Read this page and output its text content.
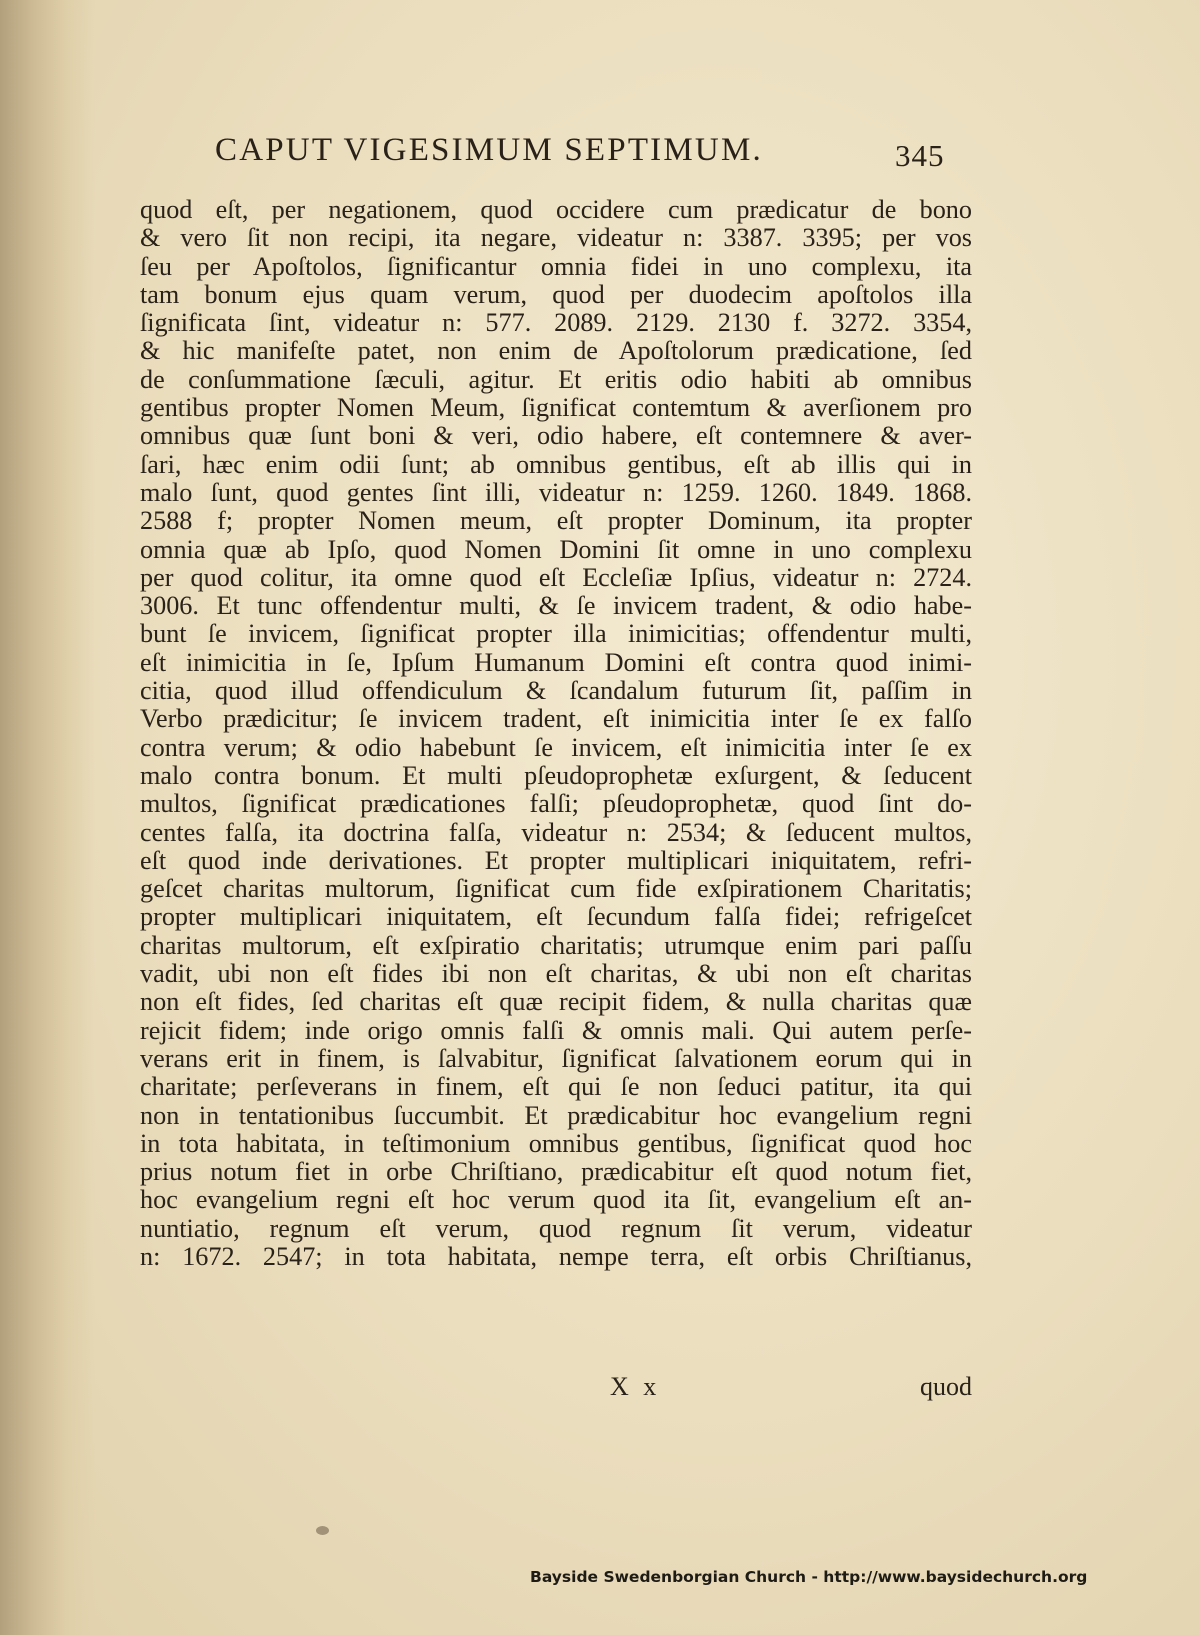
CAPUT VIGESIMUM SEPTIMUM.	345
quod eſt, per negationem, quod occidere cum prædicatur de bono
& vero ſit non recipi, ita negare, videatur n: 3387. 3395; per vos
ſeu per Apoſtolos, ſignificantur omnia fidei in uno complexu, ita
tam bonum ejus quam verum, quod per duodecim apoſtolos illa
ſignificata ſint, videatur n: 577. 2089. 2129. 2130 f. 3272. 3354,
& hic manifeſte patet, non enim de Apoſtolorum prædicatione, ſed
de conſummatione ſæculi, agitur. Et eritis odio habiti ab omnibus
gentibus propter Nomen Meum, ſignificat contemtum & averſionem pro
omnibus quæ ſunt boni & veri, odio habere, eſt contemnere & aver-
ſari, hæc enim odii ſunt; ab omnibus gentibus, eſt ab illis qui in
malo ſunt, quod gentes ſint illi, videatur n: 1259. 1260. 1849. 1868.
2588 f; propter Nomen meum, eſt propter Dominum, ita propter
omnia quæ ab Ipſo, quod Nomen Domini ſit omne in uno complexu
per quod colitur, ita omne quod eſt Eccleſiæ Ipſius, videatur n: 2724.
3006. Et tunc offendentur multi, & ſe invicem tradent, & odio habe-
bunt ſe invicem, ſignificat propter illa inimicitias; offendentur multi,
eſt inimicitia in ſe, Ipſum Humanum Domini eſt contra quod inimi-
citia, quod illud offendiculum & ſcandalum futurum ſit, paſſim in
Verbo prædicitur; ſe invicem tradent, eſt inimicitia inter ſe ex falſo
contra verum; & odio habebunt ſe invicem, eſt inimicitia inter ſe ex
malo contra bonum. Et multi pſeudoprophetæ exſurgent, & ſeducent
multos, ſignificat prædicationes falſi; pſeudoprophetæ, quod ſint do-
centes falſa, ita doctrina falſa, videatur n: 2534; & ſeducent multos,
eſt quod inde derivationes. Et propter multiplicari iniquitatem, refri-
geſcet charitas multorum, ſignificat cum fide exſpirationem Charitatis;
propter multiplicari iniquitatem, eſt ſecundum falſa fidei; refrigeſcet
charitas multorum, eſt exſpiratio charitatis; utrumque enim pari paſſu
vadit, ubi non eſt fides ibi non eſt charitas, & ubi non eſt charitas
non eſt fides, ſed charitas eſt quæ recipit fidem, & nulla charitas quæ
rejicit fidem; inde origo omnis falſi & omnis mali. Qui autem perſe-
verans erit in finem, is ſalvabitur, ſignificat ſalvationem eorum qui in
charitate; perſeverans in finem, eſt qui ſe non ſeduci patitur, ita qui
non in tentationibus ſuccumbit. Et prædicabitur hoc evangelium regni
in tota habitata, in teſtimonium omnibus gentibus, ſignificat quod hoc
prius notum fiet in orbe Chriſtiano, prædicabitur eſt quod notum fiet,
hoc evangelium regni eſt hoc verum quod ita ſit, evangelium eſt an-
nuntiatio, regnum eſt verum, quod regnum ſit verum, videatur
n: 1672. 2547; in tota habitata, nempe terra, eſt orbis Chriſtianus,
X x	quod
Bayside Swedenborgian Church - http://www.baysidechurch.org
